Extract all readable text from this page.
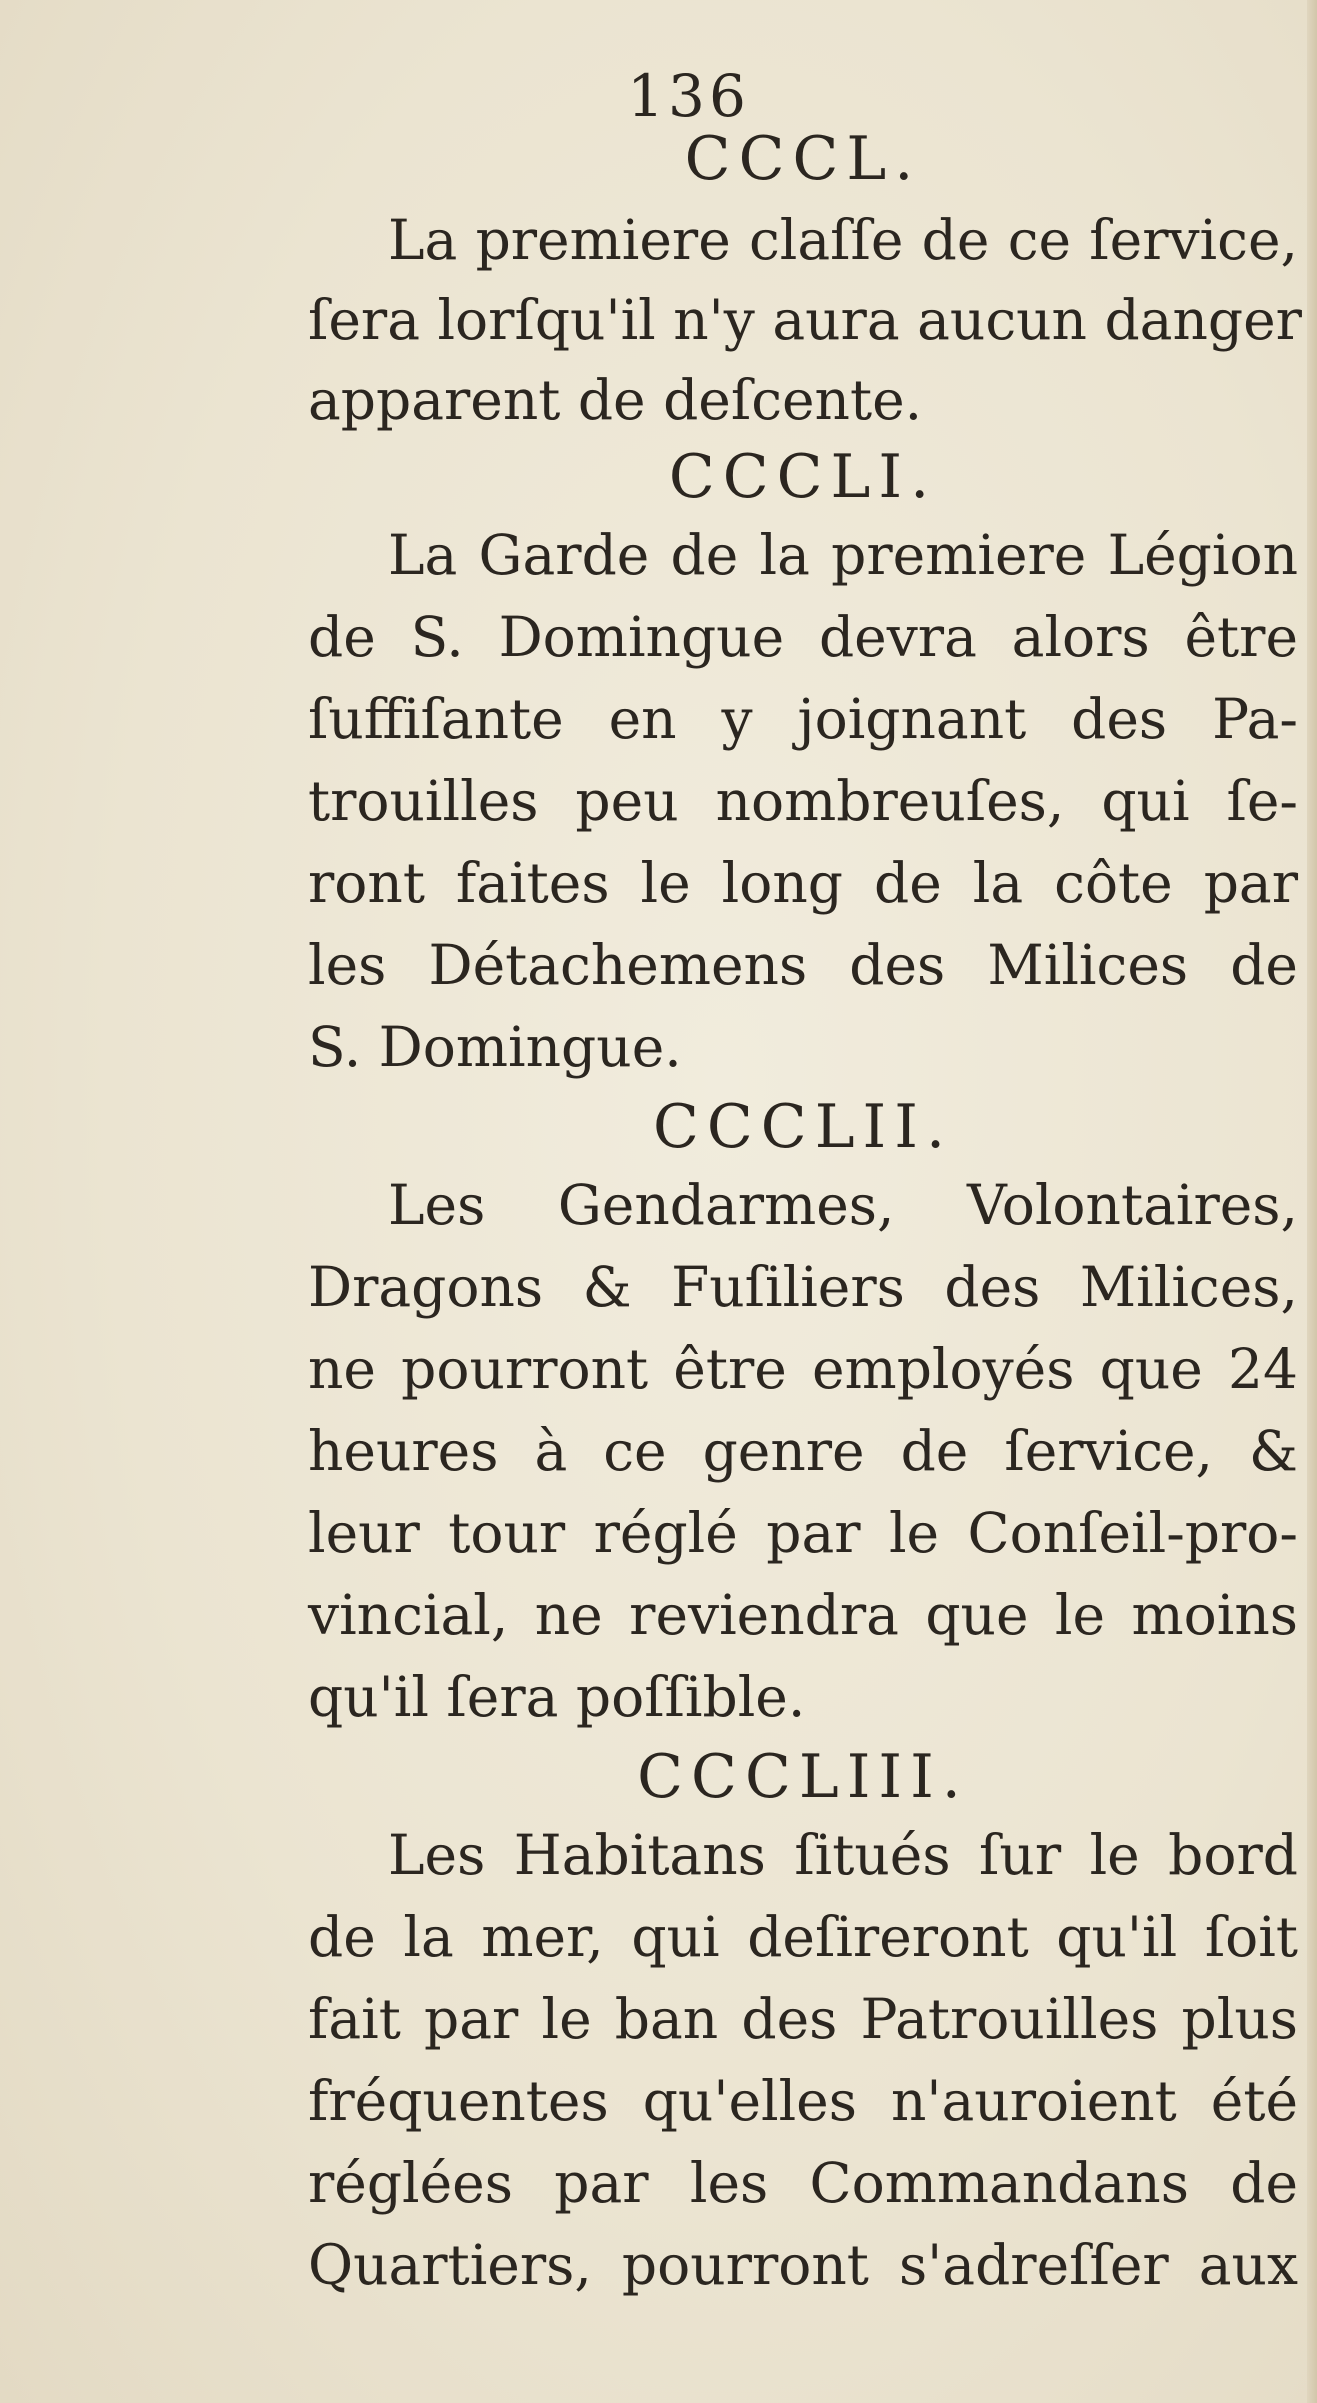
136
CCCL.
La premiere claſſe de ce ſervice,
ſera lorſqu'il n'y aura aucun danger
apparent de deſcente.
CCCLI.
La Garde de la premiere Légion
de S. Domingue devra alors être
ſuffiſante en y joignant des Pa-
trouilles peu nombreuſes, qui ſe-
ront faites le long de la côte par
les Détachemens des Milices de
S. Domingue.
CCCLII.
Les Gendarmes, Volontaires,
Dragons & Fuſiliers des Milices,
ne pourront être employés que 24
heures à ce genre de ſervice, &
leur tour réglé par le Conſeil-pro-
vincial, ne reviendra que le moins
qu'il ſera poſſible.
CCCLIII.
Les Habitans ſitués ſur le bord
de la mer, qui deſireront qu'il ſoit
fait par le ban des Patrouilles plus
fréquentes qu'elles n'auroient été
réglées par les Commandans de
Quartiers, pourront s'adreſſer aux
